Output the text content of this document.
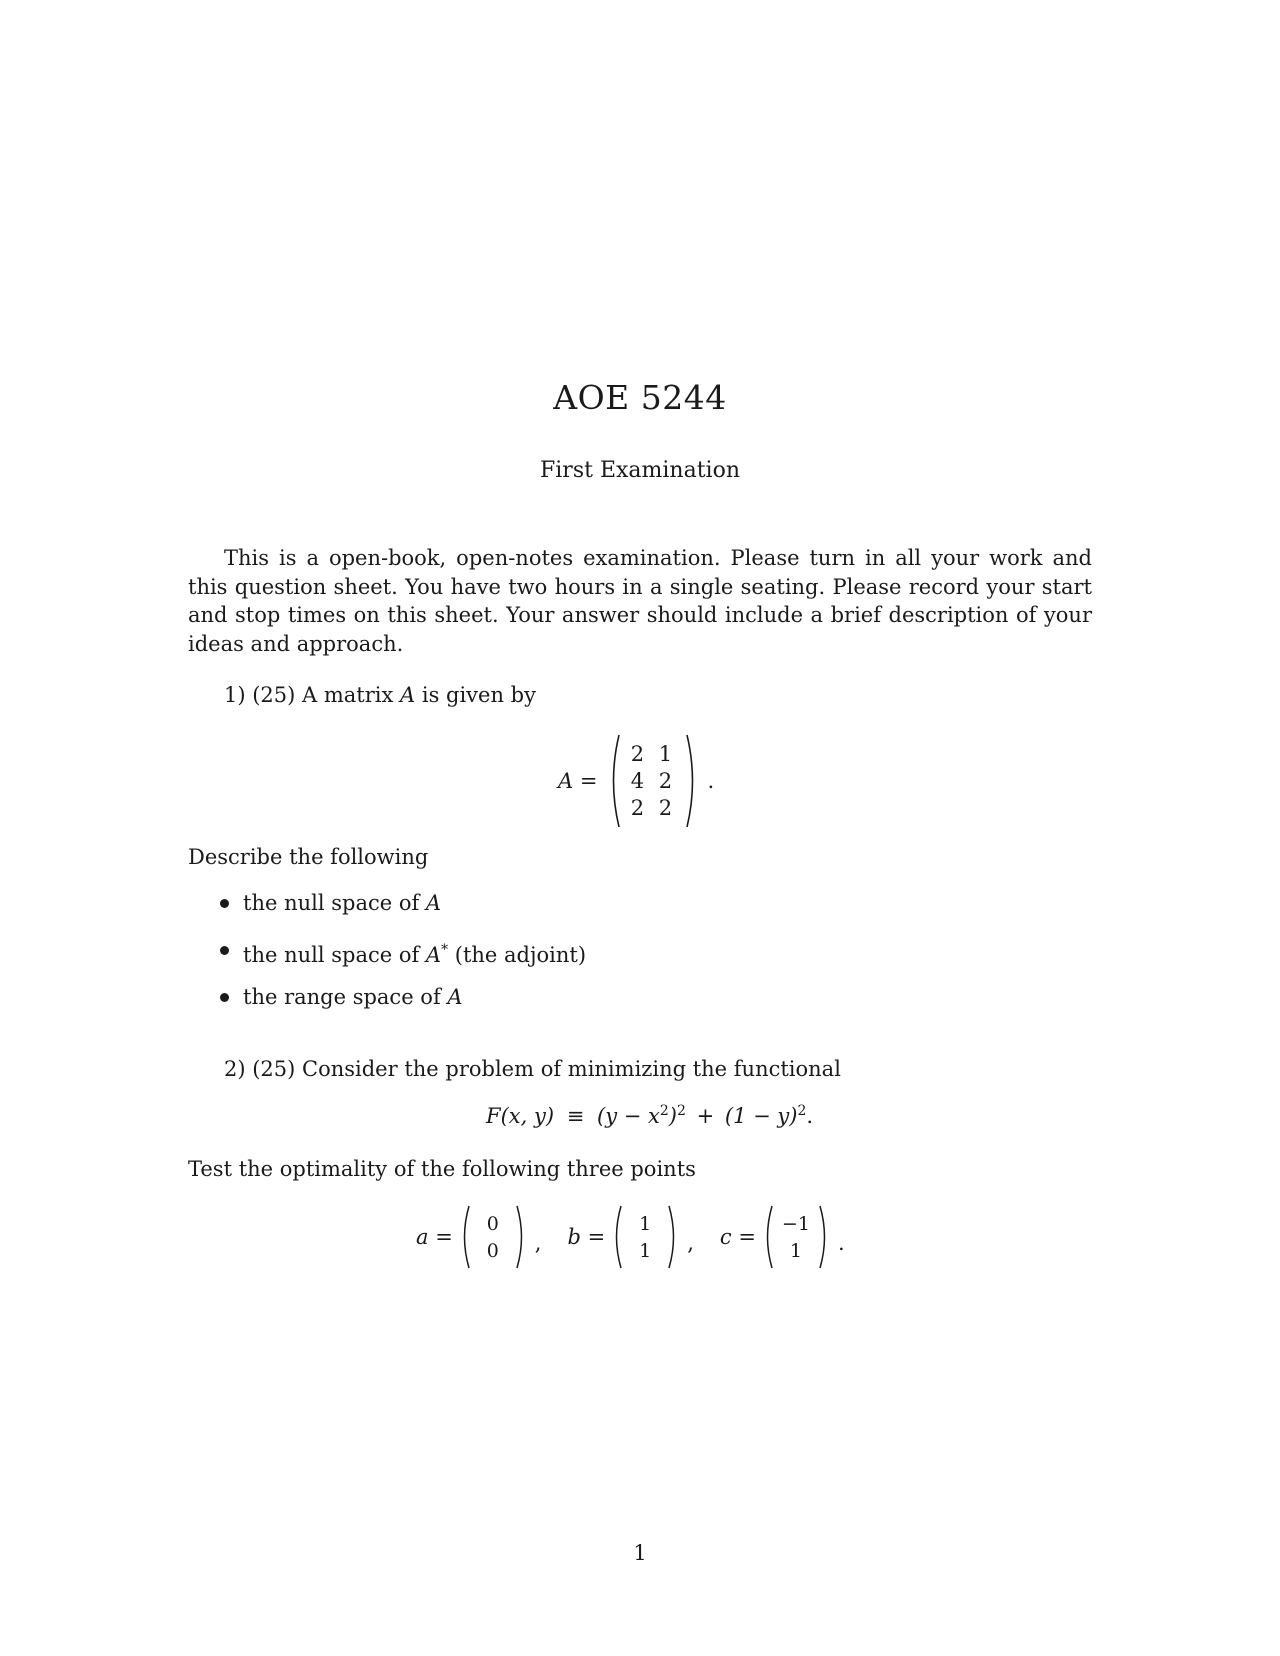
AOE 5244
First Examination

This is a open-book, open-notes examination. Please turn in all your work and this question sheet. You have two hours in a single seating. Please record your start and stop times on this sheet. Your answer should include a brief description of your ideas and approach.

1) (25) A matrix A is given by
A =
2 1
4 2
2 2
.
Describe the following
the null space of A
the null space of A* (the adjoint)
the range space of A
2) (25) Consider the problem of minimizing the functional
F(x, $y) \equiv (y - x^2)^2 + (1 - y)^2$.
Test the optimality of the following three points
a =
0
0	, b =
1
1	, c =
−1
1	.
1
